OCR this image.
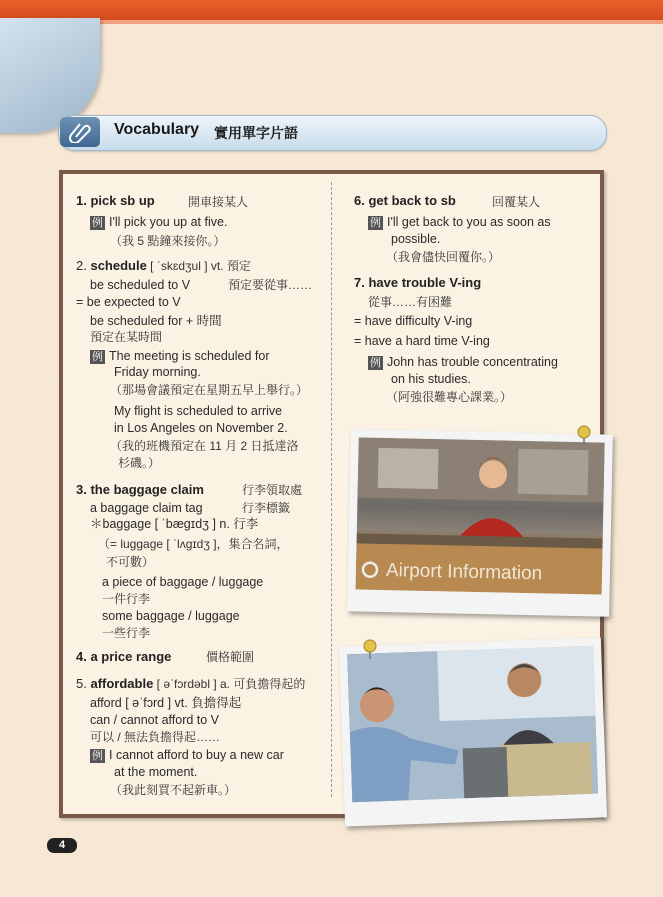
Vocabulary 實用單字片語
1. pick sb up	開車接某人
例 I'll pick you up at five.
（我 5 點鐘來接你。）
2. schedule [ ˈskɛdʒul ] vt. 預定
be scheduled to V	預定要從事……
= be expected to V
be scheduled for + 時間
預定在某時間
例 The meeting is scheduled for
Friday morning.
（那場會議預定在星期五早上舉行。）
My flight is scheduled to arrive
in Los Angeles on November 2.
（我的班機預定在 11 月 2 日抵達洛
杉磯。）
3. the baggage claim	行李領取處
a baggage claim tag	行李標籤
＊baggage [ ˈbægɪdʒ ] n. 行李
（= luggage [ ˈlʌgɪdʒ ]，集合名詞，
不可數）
a piece of baggage / luggage
一件行李
some baggage / luggage
一些行李
4. a price range	價格範圍
5. affordable [ əˈfɔrdəbl ] a. 可負擔得起的
afford [ əˈfɔrd ] vt. 負擔得起
can / cannot afford to V
可以 / 無法負擔得起……
例 I cannot afford to buy a new car
at the moment.
（我此刻買不起新車。）
6. get back to sb	回覆某人
例 I'll get back to you as soon as
possible.
（我會儘快回覆你。）
7. have trouble V-ing
從事……有困難
= have difficulty V-ing
= have a hard time V-ing
例 John has trouble concentrating
on his studies.
（阿強很難專心課業。）
Airport Information
4
